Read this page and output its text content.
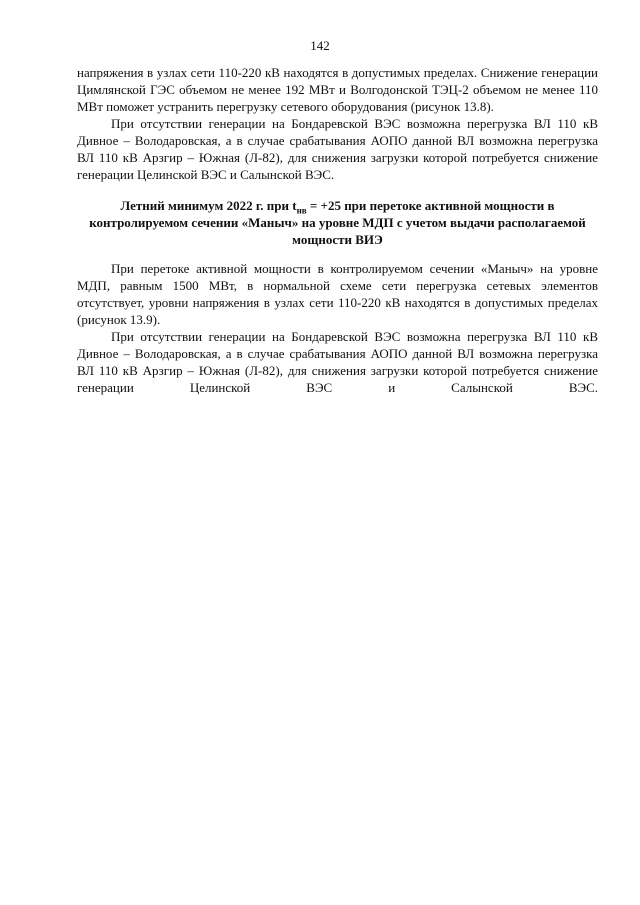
142

напряжения в узлах сети 110-220 кВ находятся в допустимых пределах. Снижение генерации Цимлянской ГЭС объемом не менее 192 МВт и Волгодонской ТЭЦ-2 объемом не менее 110 МВт поможет устранить перегрузку сетевого оборудования (рисунок 13.8).

При отсутствии генерации на Бондаревской ВЭС возможна перегрузка ВЛ 110 кВ Дивное – Володаровская, а в случае срабатывания АОПО данной ВЛ возможна перегрузка ВЛ 110 кВ Арзгир – Южная (Л-82), для снижения загрузки которой потребуется снижение генерации Целинской ВЭС и Салынской ВЭС.

Летний минимум 2022 г. при $t_{нв} = +25$ при перетоке активной мощности в контролируемом сечении «Маныч» на уровне МДП с учетом выдачи располагаемой мощности ВИЭ

При перетоке активной мощности в контролируемом сечении «Маныч» на уровне МДП, равным 1500 МВт, в нормальной схеме сети перегрузка сетевых элементов отсутствует, уровни напряжения в узлах сети 110-220 кВ находятся в допустимых пределах (рисунок 13.9).

При отсутствии генерации на Бондаревской ВЭС возможна перегрузка ВЛ 110 кВ Дивное – Володаровская, а в случае срабатывания АОПО данной ВЛ возможна перегрузка ВЛ 110 кВ Арзгир – Южная (Л-82), для снижения загрузки которой потребуется снижение генерации Целинской ВЭС и Салынской ВЭС.
